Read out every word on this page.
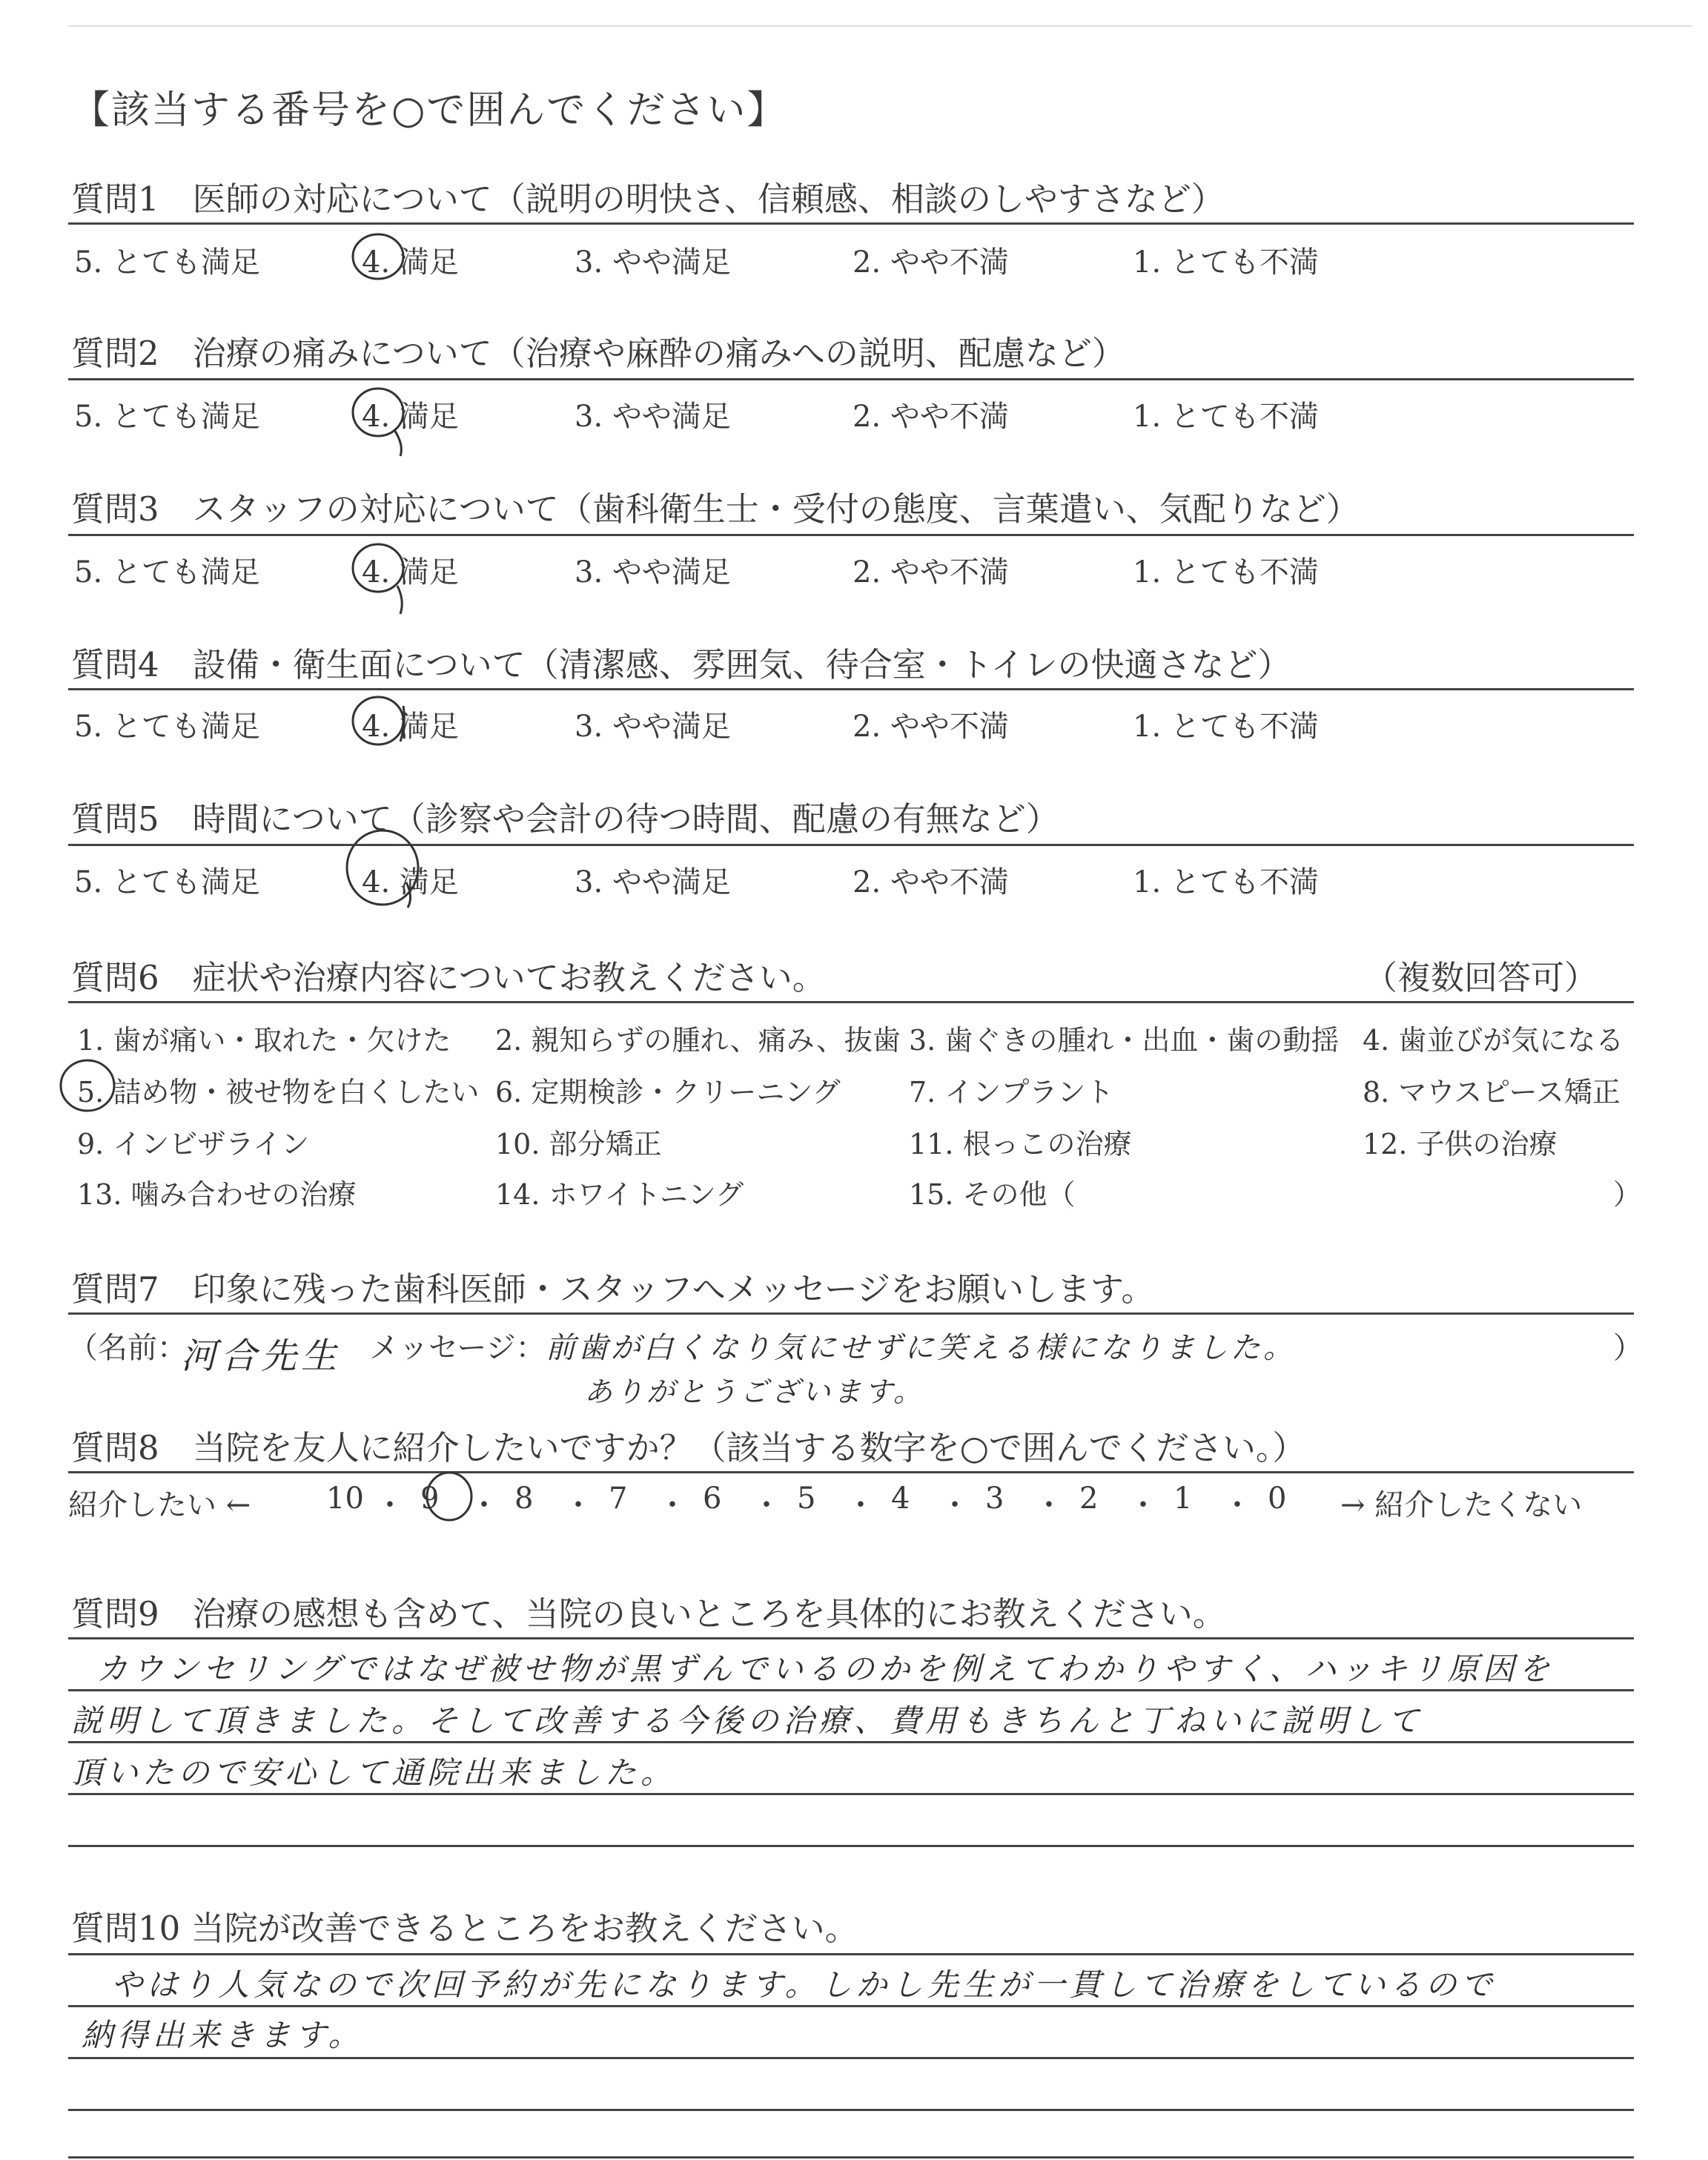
【該当する番号を○で囲んでください】
質問1　医師の対応について（説明の明快さ、信頼感、相談のしやすさなど）
5. とても満足	4. 満足	3. やや満足	2. やや不満	1. とても不満
質問2　治療の痛みについて（治療や麻酔の痛みへの説明、配慮など）
5. とても満足	4. 満足	3. やや満足	2. やや不満	1. とても不満
質問3　スタッフの対応について（歯科衛生士・受付の態度、言葉遣い、気配りなど）
5. とても満足	4. 満足	3. やや満足	2. やや不満	1. とても不満
質問4　設備・衛生面について（清潔感、雰囲気、待合室・トイレの快適さなど）
5. とても満足	4. 満足	3. やや満足	2. やや不満	1. とても不満
質問5　時間について（診察や会計の待つ時間、配慮の有無など）
5. とても満足	4. 満足	3. やや満足	2. やや不満	1. とても不満
質問6　症状や治療内容についてお教えください。	（複数回答可）
1. 歯が痛い・取れた・欠けた 2. 親知らずの腫れ、痛み、抜歯 3. 歯ぐきの腫れ・出血・歯の動揺 4. 歯並びが気になる
5. 詰め物・被せ物を白くしたい 6. 定期検診・クリーニング 7. インプラント	8. マウスピース矯正
9. インビザライン	10. 部分矯正	11. 根っこの治療	12. 子供の治療
13. 噛み合わせの治療	14. ホワイトニング	15. その他（	）
質問7　印象に残った歯科医師・スタッフへメッセージをお願いします。
（名前：
河合先生 メッセージ： 前歯が白くなり気にせずに笑える様になりました。
ありがとうございます。
）
質問8　当院を友人に紹介したいですか？（該当する数字を○で囲んでください。）
紹介したい ←	→ 紹介したくない
10 ・ 9 ・ 8 ・ 7 ・ 6 ・ 5 ・ 4 ・ 3 ・ 2 ・ 1 ・ 0
質問9　治療の感想も含めて、当院の良いところを具体的にお教えください。
カウンセリングではなぜ被せ物が黒ずんでいるのかを例えてわかりやすく、ハッキリ原因を
説明して頂きました。そして改善する今後の治療、費用もきちんと丁ねいに説明して
頂いたので安心して通院出来ました。
質問10 当院が改善できるところをお教えください。
やはり人気なので次回予約が先になります。しかし先生が一貫して治療をしているので
納得出来きます。
